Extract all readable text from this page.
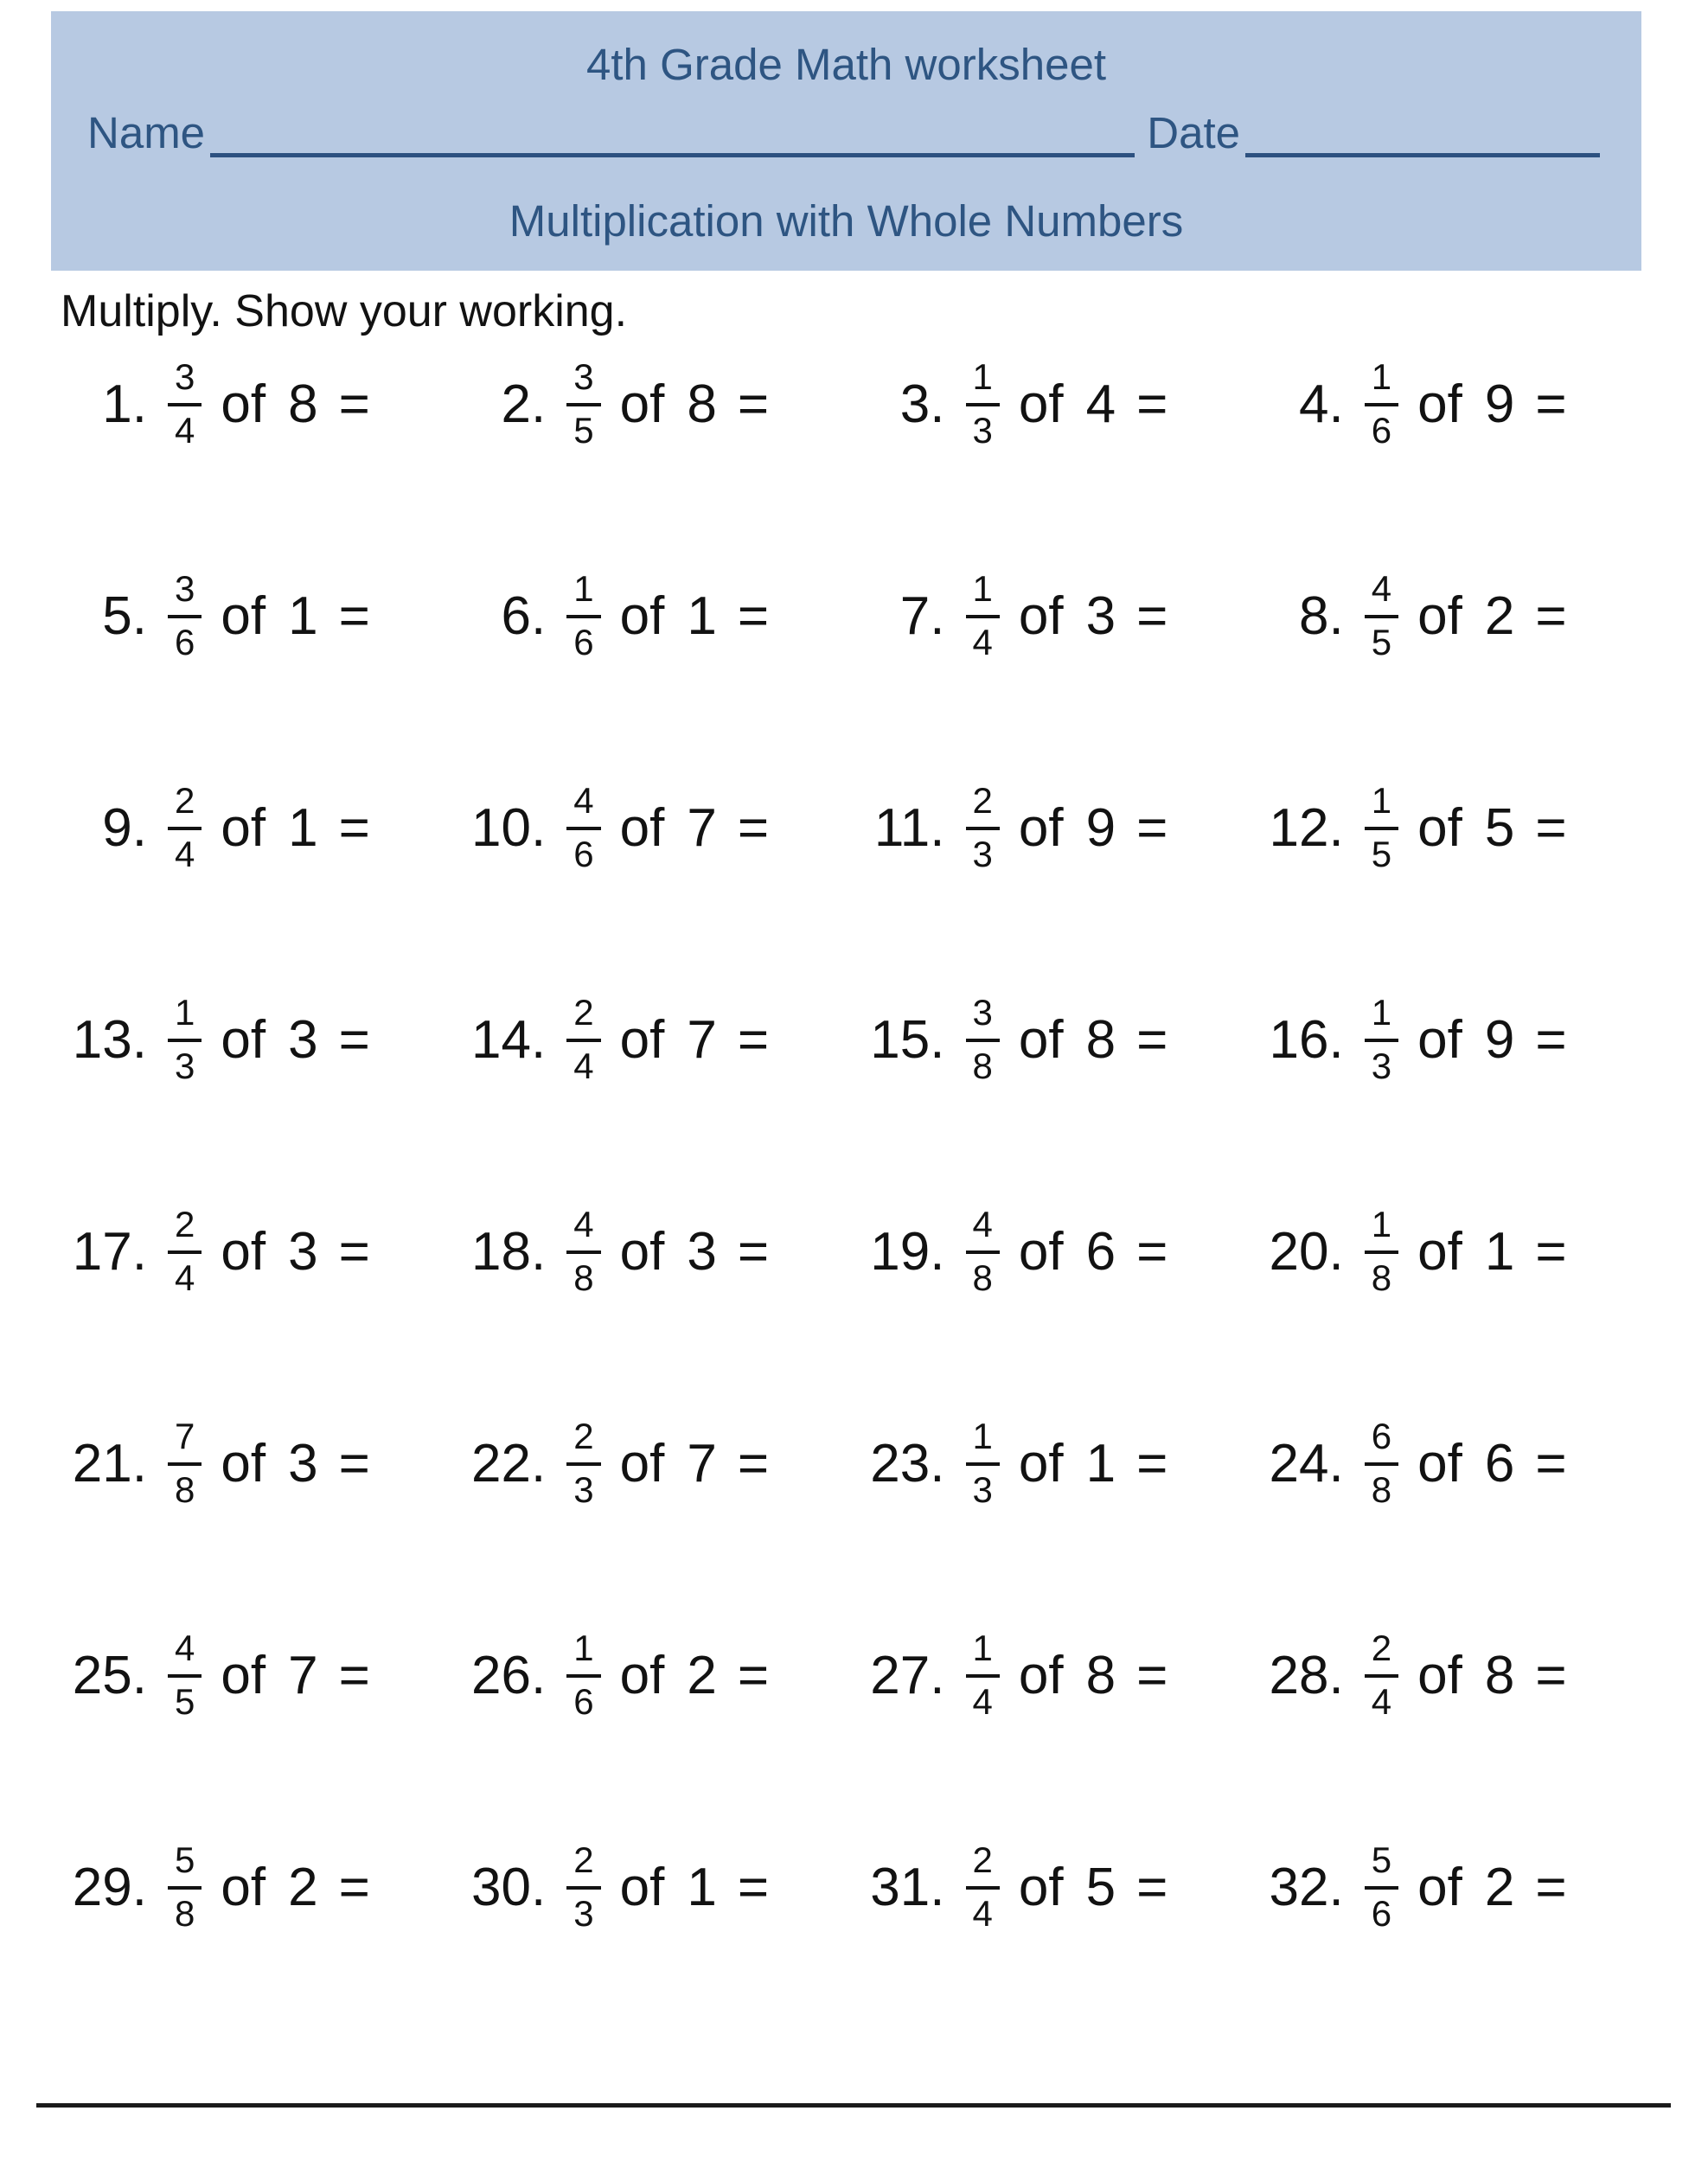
4th Grade Math worksheet
Name	Date
Multiplication with Whole Numbers
Multiply. Show your working.
1. $\frac{3}{4}$ of 8 =	2. $\frac{3}{5}$ of 8 =	3. $\frac{1}{3}$ of 4 =	4. $\frac{1}{6}$ of 9 =
5. $\frac{3}{6}$ of 1 =	6. $\frac{1}{6}$ of 1 =	7. $\frac{1}{4}$ of 3 =	8. $\frac{4}{5}$ of 2 =
9. $\frac{2}{4}$ of 1 = 10. $\frac{4}{6}$ of 7 =	11. $\frac{2}{3}$ of 9 = 12. $\frac{1}{5}$ of 5 =
13. $\frac{1}{3}$ of 3 = 14. $\frac{2}{4}$ of 7 = 15. $\frac{3}{8}$ of 8 = 16. $\frac{1}{3}$ of 9 =
17. $\frac{2}{4}$ of 3 = 18. $\frac{4}{8}$ of 3 = 19. $\frac{4}{8}$ of 6 = 20. $\frac{1}{8}$ of 1 =
21. $\frac{7}{8}$ of 3 = 22. $\frac{2}{3}$ of 7 = 23. $\frac{1}{3}$ of 1 = 24. $\frac{6}{8}$ of 6 =
25. $\frac{4}{5}$ of 7 = 26. $\frac{1}{6}$ of 2 = 27. $\frac{1}{4}$ of 8 = 28. $\frac{2}{4}$ of 8 =
29. $\frac{5}{8}$ of 2 = 30. $\frac{2}{3}$ of 1 = 31. $\frac{2}{4}$ of 5 = 32. $\frac{5}{6}$ of 2 =
